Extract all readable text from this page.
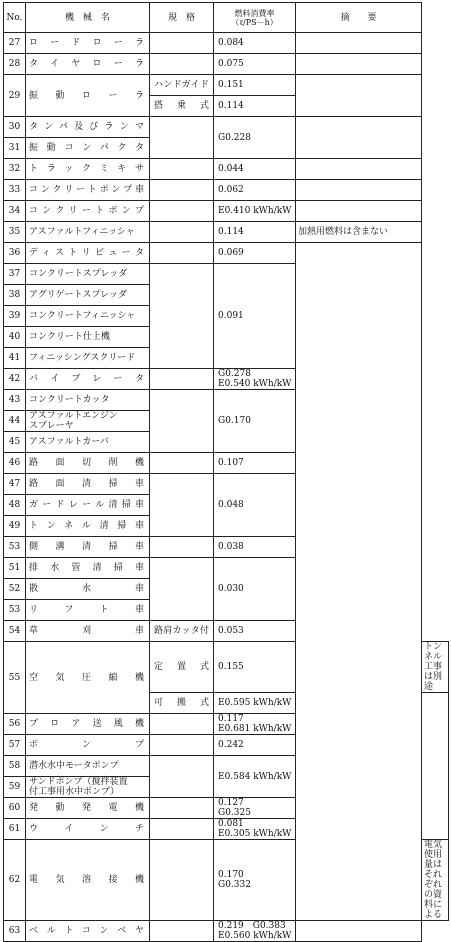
No.	機　械　名	規　格	燃料消費率
（ℓ/PS－h）	摘　　要	
27	ロードローラ		0.084		
28	タイヤローラ		0.075		
29	振動ローラ	ハンドガイド	0.151		
		搭　乗　式	0.114		
30	タンパ及びランマ		G0.228		
31	振動コンパクタ				
32	トラックミキサ		0.044		
33	コンクリートポンプ車		0.062		
34	コンクリートポンプ		E0.410 kWh/kW		
35	アスファルトフィニッシャ		0.114	加熱用燃料は含まない	
36	ディストリビュータ		0.069		
37	コンクリートスプレッダ		0.091		
38	アグリゲートスプレッダ				
39	コンクリートフィニッシャ				
40	コンクリート仕上機				
41	フィニッシングスクリード				
42	バイブレータ		G0.278
E0.540 kWh/kW		
43	コンクリートカッタ		G0.170		
44	アスファルトエンジン
スプレーヤ				

45	アスファルトカーバ				
46	路面切削機		0.107		
47	路面清掃車		0.048		
48	ガードレール清掃車				
49	トンネル清掃車				
53	側溝清掃車		0.038		
51	排水管清掃車		0.030		
52	散　　水　　車				
53	リ　フ　ト　車				
54	草　　刈　　車	路肩カッタ付	0.053		
55	空気圧縮機	定　置　式	0.155		トンネル工事は別途
		可　搬　式	E0.595 kWh/kW		
56	ブロア送風機		0.117
E0.681 kWh/kW		
57	ポ　ン　プ		0.242		
58	潜水水中モータポンプ		E0.584 kWh/kW		
59	サンドポンプ（撹拌装置
付工事用水中ポンプ）				
60	発動発電機		0.127
G0.325		
61	ウ　イ　ン　チ		0.081
E0.305 kWh/kW		
62	電気溶接機		0.170
G0.332		電気使用量はそれぞれの資料による
63	ベルトコンベヤ		0.219　G0.383
E0.560 kWh/kW		
